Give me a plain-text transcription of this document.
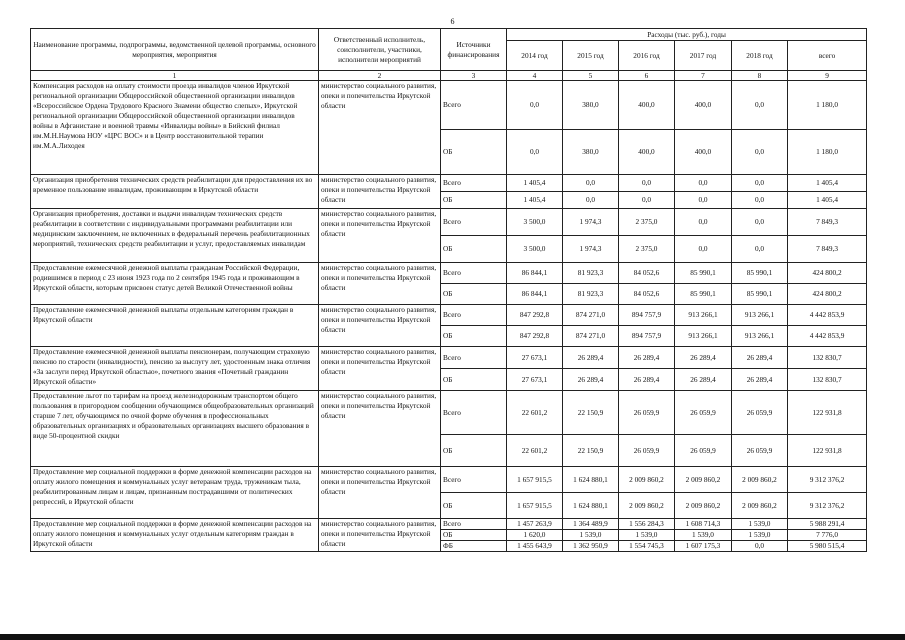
6
Наименование программы, подпрограммы, ведомственной целевой программы, основного мероприятия, мероприятия	Ответственный исполнитель, соисполнители, участники, исполнители мероприятий	Источники финансирования	Расходы (тыс. руб.), годы					
			2014 год	2015 год	2016 год	2017 год	2018 год	всего
1	2	3	4	5	6	7	8	9
Компенсация расходов на оплату стоимости проезда инвалидов членов Иркутской региональной организации Общероссийской общественной организации инвалидов «Всероссийское Ордена Трудового Красного Знамени общество слепых», Иркутской региональной организации Общероссийской общественной организации инвалидов войны в Афганистане и военной травмы «Инвалиды войны» в Бийский филиал им.М.Н.Наумова НОУ «ЦРС ВОС» и в Центр восстановительной терапии им.М.А.Лиходея	министерство социального развития, опеки и попечительства Иркутской области	Всего	0,0	380,0	400,0	400,0	0,0	1 180,0
		ОБ	0,0	380,0	400,0	400,0	0,0	1 180,0
Организация приобретения технических средств реабилитации для предоставления их во временное пользование инвалидам, проживающим в Иркутской области	министерство социального развития, опеки и попечительства Иркутской области	Всего	1 405,4	0,0	0,0	0,0	0,0	1 405,4
		ОБ	1 405,4	0,0	0,0	0,0	0,0	1 405,4
Организация приобретения, доставки и выдачи инвалидам технических средств реабилитации в соответствии с индивидуальными программами реабилитации или медицинским заключением, не включенных в федеральный перечень реабилитационных мероприятий, технических средств реабилитации и услуг, предоставляемых инвалидам	министерство социального развития, опеки и попечительства Иркутской области	Всего	3 500,0	1 974,3	2 375,0	0,0	0,0	7 849,3
		ОБ	3 500,0	1 974,3	2 375,0	0,0	0,0	7 849,3
Предоставление ежемесячной денежной выплаты гражданам Российской Федерации, родившимся в период с 23 июня 1923 года по 2 сентября 1945 года и проживающим в Иркутской области, которым присвоен статус детей Великой Отечественной войны	министерство социального развития, опеки и попечительства Иркутской области	Всего	86 844,1	81 923,3	84 052,6	85 990,1	85 990,1	424 800,2
		ОБ	86 844,1	81 923,3	84 052,6	85 990,1	85 990,1	424 800,2
Предоставление ежемесячной денежной выплаты отдельным категориям граждан в Иркутской области	министерство социального развития, опеки и попечительства Иркутской области	Всего	847 292,8	874 271,0	894 757,9	913 266,1	913 266,1	4 442 853,9
		ОБ	847 292,8	874 271,0	894 757,9	913 266,1	913 266,1	4 442 853,9
Предоставление ежемесячной денежной выплаты пенсионерам, получающим страховую пенсию по старости (инвалидности), пенсию за выслугу лет, удостоенным знака отличия «За заслуги перед Иркутской областью», почетного звания «Почетный гражданин Иркутской области»	министерство социального развития, опеки и попечительства Иркутской области	Всего	27 673,1	26 289,4	26 289,4	26 289,4	26 289,4	132 830,7
		ОБ	27 673,1	26 289,4	26 289,4	26 289,4	26 289,4	132 830,7
Предоставление льгот по тарифам на проезд железнодорожным транспортом общего пользования в пригородном сообщении обучающимся общеобразовательных организаций старше 7 лет, обучающимся по очной форме обучения в профессиональных образовательных организациях и образовательных организациях высшего образования в виде 50-процентной скидки	министерство социального развития, опеки и попечительства Иркутской области	Всего	22 601,2	22 150,9	26 059,9	26 059,9	26 059,9	122 931,8
		ОБ	22 601,2	22 150,9	26 059,9	26 059,9	26 059,9	122 931,8
Предоставление мер социальной поддержки в форме денежной компенсации расходов на оплату жилого помещения и коммунальных услуг ветеранам труда, труженикам тыла, реабилитированным лицам и лицам, признанным пострадавшими от политических репрессий, в Иркутской области	министерство социального развития, опеки и попечительства Иркутской области	Всего	1 657 915,5	1 624 880,1	2 009 860,2	2 009 860,2	2 009 860,2	9 312 376,2
		ОБ	1 657 915,5	1 624 880,1	2 009 860,2	2 009 860,2	2 009 860,2	9 312 376,2
Предоставление мер социальной поддержки в форме денежной компенсации расходов на оплату жилого помещения и коммунальных услуг отдельным категориям граждан в Иркутской области	министерство социального развития, опеки и попечительства Иркутской области	Всего	1 457 263,9	1 364 489,9	1 556 284,3	1 608 714,3	1 539,0	5 988 291,4
		ОБ	1 620,0	1 539,0	1 539,0	1 539,0	1 539,0	7 776,0
		ФБ	1 455 643,9	1 362 950,9	1 554 745,3	1 607 175,3	0,0	5 980 515,4
